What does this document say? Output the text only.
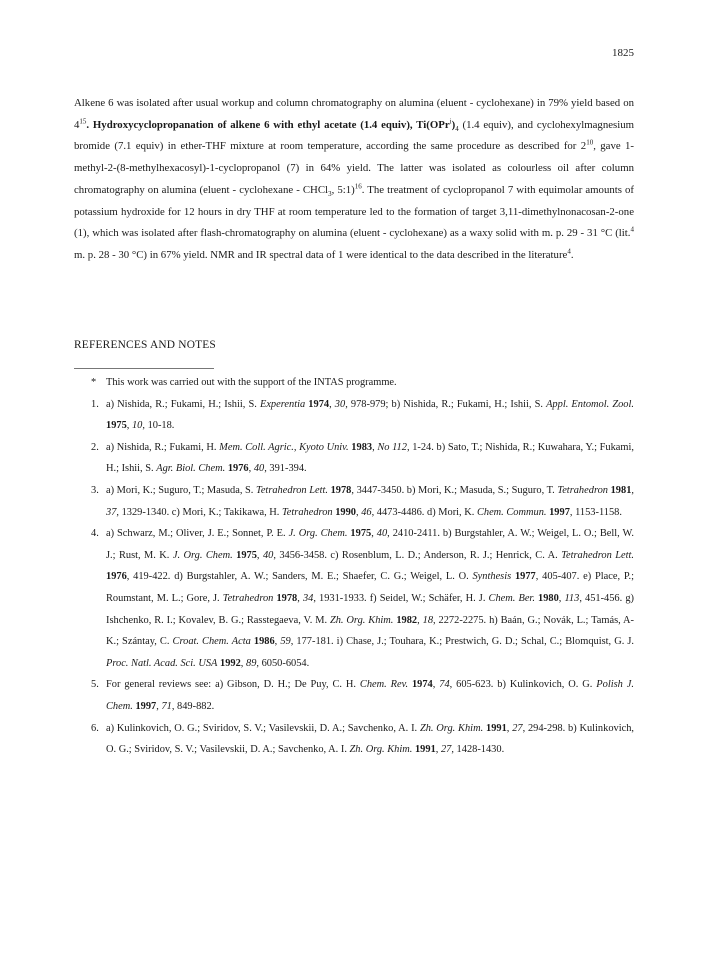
1825

Alkene 6 was isolated after usual workup and column chromatography on alumina (eluent - cyclohexane) in 79% yield based on $4^{15}$. Hydroxycyclopropanation of alkene 6 with ethyl acetate (1.4 equiv), $Ti(OPr^i)_4$ (1.4 equiv), and cyclohexylmagnesium bromide (7.1 equiv) in ether-THF mixture at room temperature, according the same procedure as described for $2^{10}$, gave 1-methyl-2-(8-methylhexacosyl)-1-cyclopropanol (7) in 64% yield. The latter was isolated as colourless oil after column chromatography on alumina (eluent - cyclohexane - CHCl$_3$, 5:1)$^{16}$. The treatment of cyclopropanol 7 with equimolar amounts of potassium hydroxide for 12 hours in dry THF at room temperature led to the formation of target 3,11-dimethylnonacosan-2-one (1), which was isolated after flash-chromatography on alumina (eluent - cyclohexane) as a waxy solid with m. p. 29 - 31 °C (lit.$^4$ m. p. 28 - 30 °C) in 67% yield. NMR and IR spectral data of 1 were identical to the data described in the literature$^4$.

REFERENCES AND NOTES
* This work was carried out with the support of the INTAS programme.
1. a) Nishida, R.; Fukami, H.; Ishii, S. Experentia 1974, 30, 978-979; b) Nishida, R.; Fukami, H.; Ishii, S. Appl. Entomol. Zool. 1975, 10, 10-18.
2. a) Nishida, R.; Fukami, H. Mem. Coll. Agric., Kyoto Univ. 1983, No 112, 1-24. b) Sato, T.; Nishida, R.; Kuwahara, Y.; Fukami, H.; Ishii, S. Agr. Biol. Chem. 1976, 40, 391-394.
3. a) Mori, K.; Suguro, T.; Masuda, S. Tetrahedron Lett. 1978, 3447-3450. b) Mori, K.; Masuda, S.; Suguro, T. Tetrahedron 1981, 37, 1329-1340. c) Mori, K.; Takikawa, H. Tetrahedron 1990, 46, 4473-4486. d) Mori, K. Chem. Commun. 1997, 1153-1158.
4. a) Schwarz, M.; Oliver, J. E.; Sonnet, P. E. J. Org. Chem. 1975, 40, 2410-2411. b) Burgstahler, A. W.; Weigel, L. O.; Bell, W. J.; Rust, M. K. J. Org. Chem. 1975, 40, 3456-3458. c) Rosenblum, L. D.; Anderson, R. J.; Henrick, C. A. Tetrahedron Lett. 1976, 419-422. d) Burgstahler, A. W.; Sanders, M. E.; Shaefer, C. G.; Weigel, L. O. Synthesis 1977, 405-407. e) Place, P.; Roumstant, M. L.; Gore, J. Tetrahedron 1978, 34, 1931-1933. f) Seidel, W.; Schäfer, H. J. Chem. Ber. 1980, 113, 451-456. g) Ishchenko, R. I.; Kovalev, B. G.; Rasstegaeva, V. M. Zh. Org. Khim. 1982, 18, 2272-2275. h) Baán, G.; Novák, L.; Tamás, A-K.; Szántay, C. Croat. Chem. Acta 1986, 59, 177-181. i) Chase, J.; Touhara, K.; Prestwich, G. D.; Schal, C.; Blomquist, G. J. Proc. Natl. Acad. Sci. USA 1992, 89, 6050-6054.
5. For general reviews see: a) Gibson, D. H.; De Puy, C. H. Chem. Rev. 1974, 74, 605-623. b) Kulinkovich, O. G. Polish J. Chem. 1997, 71, 849-882.
6. a) Kulinkovich, O. G.; Sviridov, S. V.; Vasilevskii, D. A.; Savchenko, A. I. Zh. Org. Khim. 1991, 27, 294-298. b) Kulinkovich, O. G.; Sviridov, S. V.; Vasilevskii, D. A.; Savchenko, A. I. Zh. Org. Khim. 1991, 27, 1428-1430.
